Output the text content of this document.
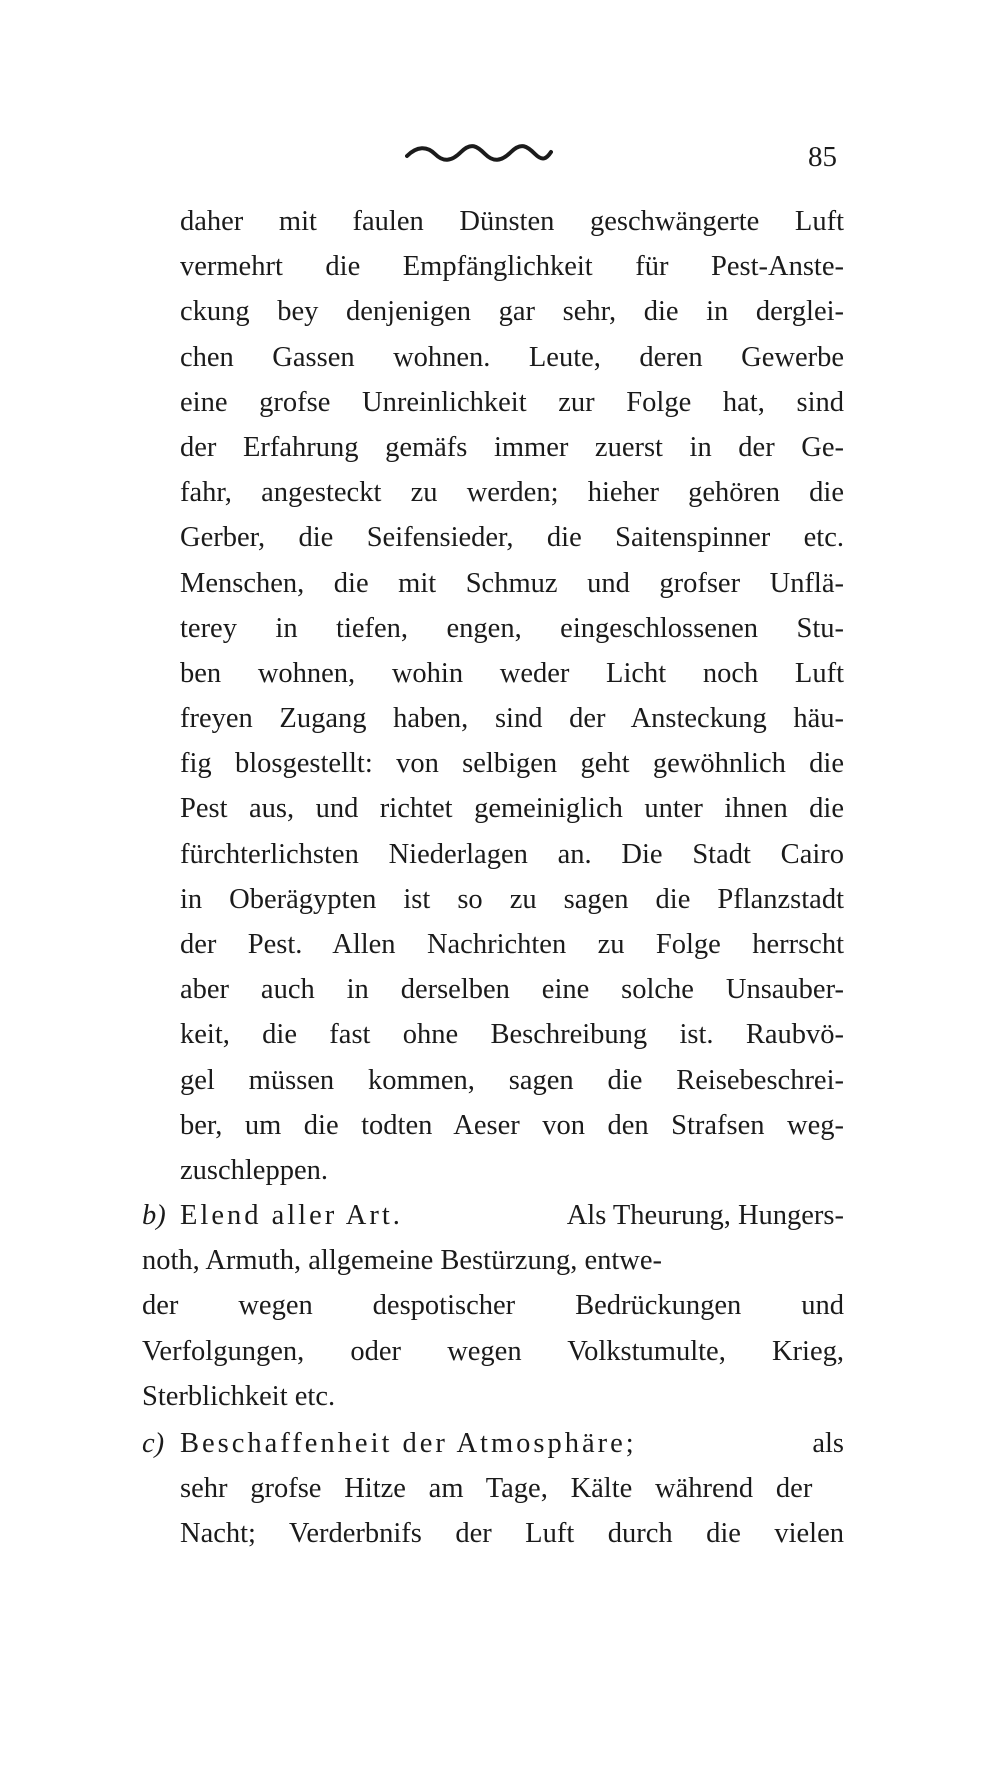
85
daher mit faulen Dünsten geschwängerte Luft
vermehrt die Empfänglichkeit für Pest-Anste-
ckung bey denjenigen gar sehr, die in derglei-
chen Gassen wohnen. Leute, deren Gewerbe
eine grofse Unreinlichkeit zur Folge hat, sind
der Erfahrung gemäfs immer zuerst in der Ge-
fahr, angesteckt zu werden; hieher gehören die
Gerber, die Seifensieder, die Saitenspinner etc.
Menschen, die mit Schmuz und grofser Unflä-
terey in tiefen, engen, eingeschlossenen Stu-
ben wohnen, wohin weder Licht noch Luft
freyen Zugang haben, sind der Ansteckung häu-
fig blosgestellt: von selbigen geht gewöhnlich die
Pest aus, und richtet gemeiniglich unter ihnen die
fürchterlichsten Niederlagen an. Die Stadt Cairo
in Oberägypten ist so zu sagen die Pflanzstadt
der Pest. Allen Nachrichten zu Folge herrscht
aber auch in derselben eine solche Unsauber-
keit, die fast ohne Beschreibung ist. Raubvö-
gel müssen kommen, sagen die Reisebeschrei-
ber, um die todten Aeser von den Strafsen weg-
zuschleppen.
b) Elend aller Art.	Als Theurung, Hungers-
noth, Armuth, allgemeine Bestürzung, entwe-
der wegen despotischer Bedrückungen und
Verfolgungen, oder wegen Volkstumulte, Krieg,
Sterblichkeit etc.
c) Beschaffenheit der Atmosphäre;	als
sehr grofse Hitze am Tage, Kälte während der
Nacht; Verderbnifs der Luft durch die vielen
